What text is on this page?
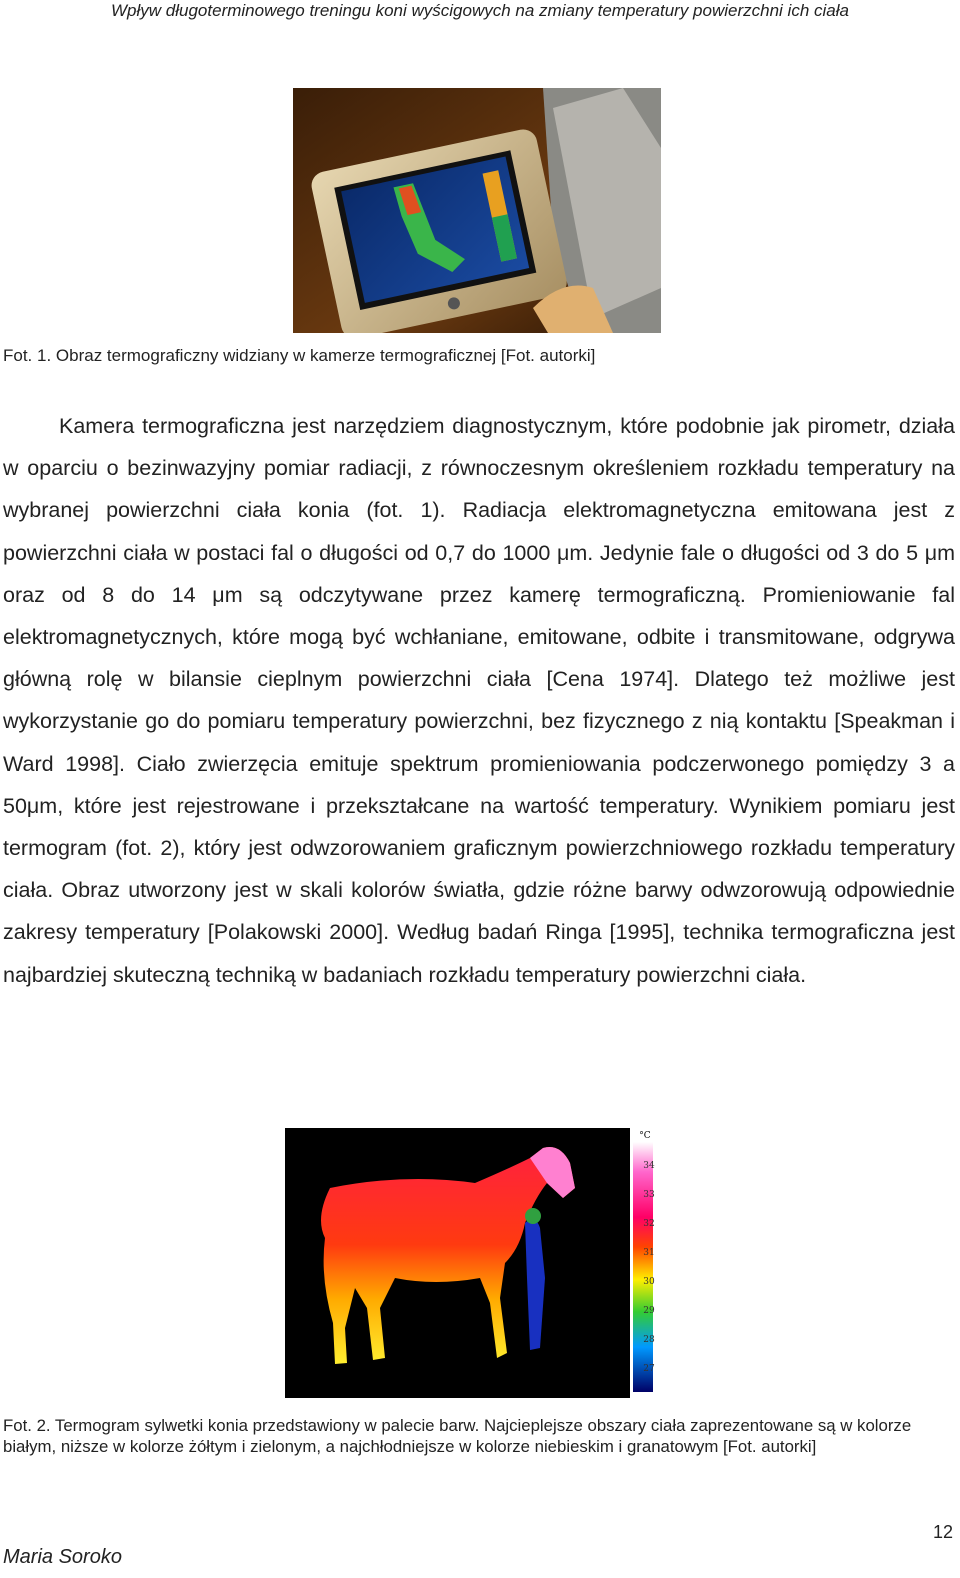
Wpływ długoterminowego treningu koni wyścigowych na zmiany temperatury powierzchni ich ciała
Fot. 1. Obraz termograficzny widziany w kamerze termograficznej [Fot. autorki]

Kamera termograficzna jest narzędziem diagnostycznym, które podobnie jak pirometr, działa w oparciu o bezinwazyjny pomiar radiacji, z równoczesnym określeniem rozkładu temperatury na wybranej powierzchni ciała konia (fot. 1). Radiacja elektromagnetyczna emitowana jest z powierzchni ciała w postaci fal o długości od 0,7 do 1000 μm. Jedynie fale o długości od 3 do 5 μm oraz od 8 do 14 μm są odczytywane przez kamerę termograficzną. Promieniowanie fal elektromagnetycznych, które mogą być wchłaniane, emitowane, odbite i transmitowane, odgrywa główną rolę w bilansie cieplnym powierzchni ciała [Cena 1974]. Dlatego też możliwe jest wykorzystanie go do pomiaru temperatury powierzchni, bez fizycznego z nią kontaktu [Speakman i Ward 1998]. Ciało zwierzęcia emituje spektrum promieniowania podczerwonego pomiędzy 3 a 50μm, które jest rejestrowane i przekształcane na wartość temperatury. Wynikiem pomiaru jest termogram (fot. 2), który jest odwzorowaniem graficznym powierzchniowego rozkładu temperatury ciała. Obraz utworzony jest w skali kolorów światła, gdzie różne barwy odwzorowują odpowiednie zakresy temperatury [Polakowski 2000]. Według badań Ringa [1995], technika termograficzna jest najbardziej skuteczną techniką w badaniach rozkładu temperatury powierzchni ciała.

°C
34
33
32
31
30
29
28
27
Fot. 2. Termogram sylwetki konia przedstawiony w palecie barw. Najcieplejsze obszary ciała zaprezentowane są w kolorze białym, niższe w kolorze żółtym i zielonym, a najchłodniejsze w kolorze niebieskim i granatowym [Fot. autorki]
12
Maria Soroko
